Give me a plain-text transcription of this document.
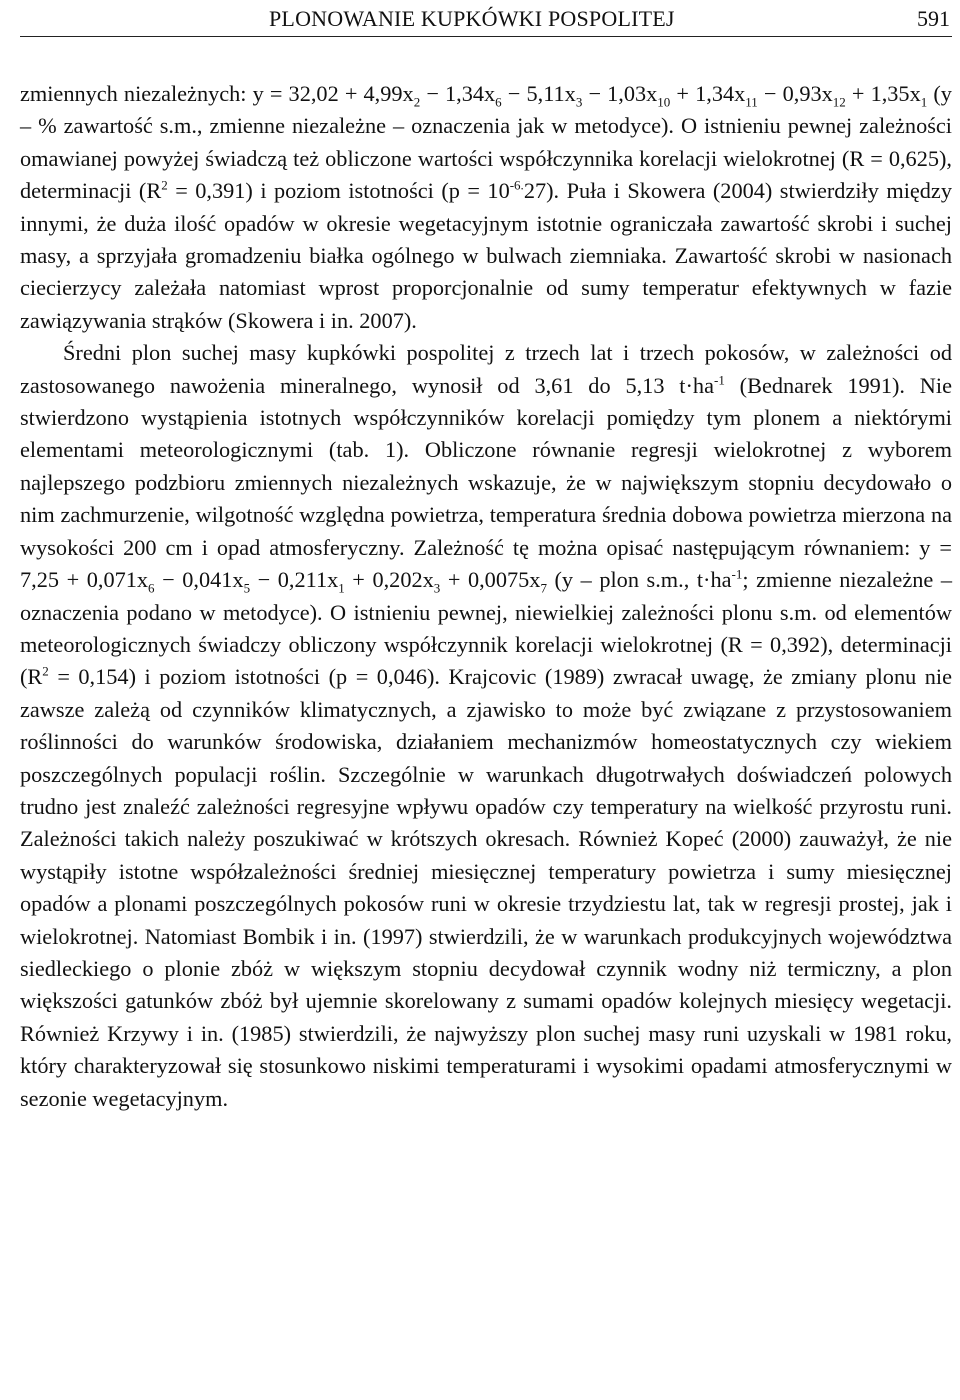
PLONOWANIE KUPKÓWKI POSPOLITEJ	591

zmiennych niezależnych: $y = 32,02 + 4,99x_2 - 1,34x_6 - 5,11x_3 - 1,03x_{10} + 1,34x_{11} - 0,93x_{12} + 1,35x_1$ (y – % zawartość s.m., zmienne niezależne – oznaczenia jak w metodyce). O istnieniu pewnej zależności omawianej powyżej świadczą też obliczone wartości współczynnika korelacji wielokrotnej (R = 0,625), determinacji $(R^2 = 0,391)$ i poziom istotności $(p = 10^{-6.}27)$. Puła i Skowera (2004) stwierdziły między innymi, że duża ilość opadów w okresie wegetacyjnym istotnie ograniczała zawartość skrobi i suchej masy, a sprzyjała gromadzeniu białka ogólnego w bulwach ziemniaka. Zawartość skrobi w nasionach ciecierzycy zależała natomiast wprost proporcjonalnie od sumy temperatur efektywnych w fazie zawiązywania strąków (Skowera i in. 2007).

Średni plon suchej masy kupkówki pospolitej z trzech lat i trzech pokosów, w zależności od zastosowanego nawożenia mineralnego, wynosił od 3,61 do 5,13 $t\cdot ha^{-1}$ (Bednarek 1991). Nie stwierdzono wystąpienia istotnych współczynników korelacji pomiędzy tym plonem a niektórymi elementami meteorologicznymi (tab. 1). Obliczone równanie regresji wielokrotnej z wyborem najlepszego podzbioru zmiennych niezależnych wskazuje, że w największym stopniu decydowało o nim zachmurzenie, wilgotność względna powietrza, temperatura średnia dobowa powietrza mierzona na wysokości 200 cm i opad atmosferyczny. Zależność tę można opisać następującym równaniem: $y = 7,25 + 0,071x_6 - 0,041x_5 - 0,211x_1 + 0,202x_3 + 0,0075x_7$ (y – plon s.m., $t\cdot ha^{-1}$; zmienne niezależne – oznaczenia podano w metodyce). O istnieniu pewnej, niewielkiej zależności plonu s.m. od elementów meteorologicznych świadczy obliczony współczynnik korelacji wielokrotnej (R = 0,392), determinacji $(R^2 = 0,154)$ i poziom istotności (p = 0,046). Krajcovic (1989) zwracał uwagę, że zmiany plonu nie zawsze zależą od czynników klimatycznych, a zjawisko to może być związane z przystosowaniem roślinności do warunków środowiska, działaniem mechanizmów homeostatycznych czy wiekiem poszczególnych populacji roślin. Szczególnie w warunkach długotrwałych doświadczeń polowych trudno jest znaleźć zależności regresyjne wpływu opadów czy temperatury na wielkość przyrostu runi. Zależności takich należy poszukiwać w krótszych okresach. Również Kopeć (2000) zauważył, że nie wystąpiły istotne współzależności średniej miesięcznej temperatury powietrza i sumy miesięcznej opadów a plonami poszczególnych pokosów runi w okresie trzydziestu lat, tak w regresji prostej, jak i wielokrotnej. Natomiast Bombik i in. (1997) stwierdzili, że w warunkach produkcyjnych województwa siedleckiego o plonie zbóż w większym stopniu decydował czynnik wodny niż termiczny, a plon większości gatunków zbóż był ujemnie skorelowany z sumami opadów kolejnych miesięcy wegetacji. Również Krzywy i in. (1985) stwierdzili, że najwyższy plon suchej masy runi uzyskali w 1981 roku, który charakteryzował się stosunkowo niskimi temperaturami i wysokimi opadami atmosferycznymi w sezonie wegetacyjnym.
